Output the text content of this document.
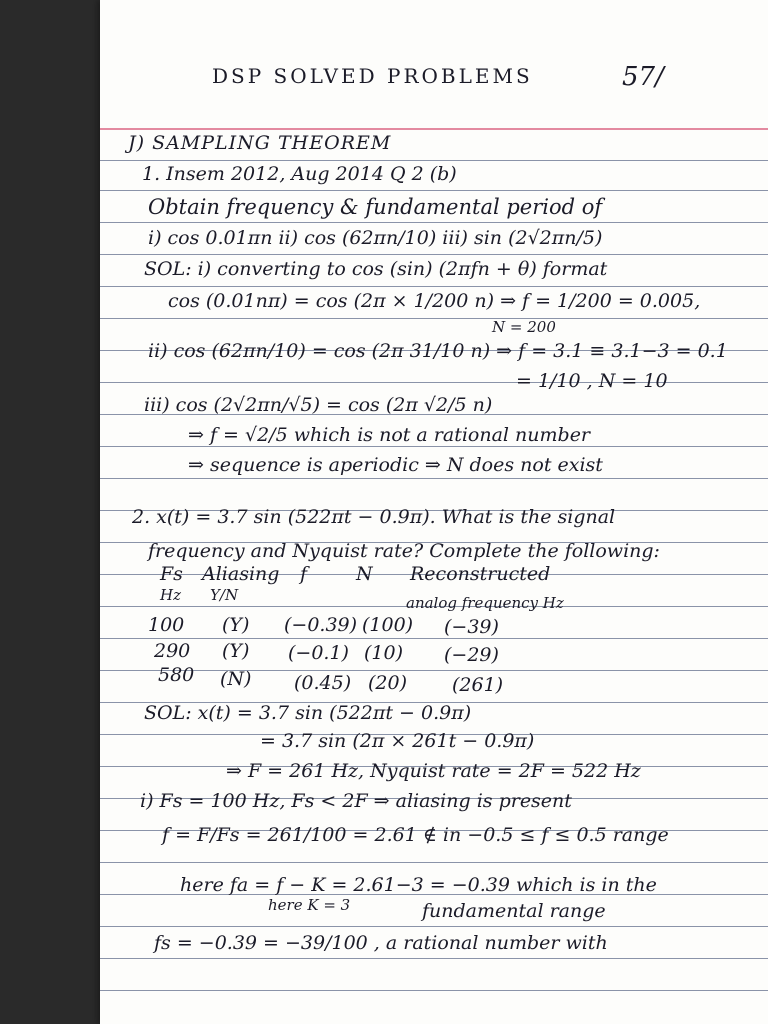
DSP SOLVED PROBLEMS	57/
J) SAMPLING THEOREM
1. Insem 2012, Aug 2014 Q 2 (b)
Obtain frequency & fundamental period of
i) cos 0.01πn ii) cos (62πn/10) iii) sin (2√2πn/5)
SOL: i) converting to cos (sin) (2πfn + θ) format
cos (0.01nπ) = cos (2π × 1/200 n) ⇒ f = 1/200 = 0.005,
N = 200
ii) cos (62πn/10) = cos (2π 31/10 n) ⇒ f = 3.1 ≡ 3.1−3 = 0.1
= 1/10 , N = 10
iii) cos (2√2πn/√5) = cos (2π √2/5 n)
⇒ f = √2/5 which is not a rational number
⇒ sequence is aperiodic ⇒ N does not exist
2. x(t) = 3.7 sin (522πt − 0.9π). What is the signal
frequency and Nyquist rate? Complete the following:
Fs Aliasing f	N Reconstructed
Hz Y/N	analog frequency Hz
100 (Y) (−0.39) (100) (−39)
290 (Y) (−0.1) (10) (−29)
580 (N) (0.45) (20) (261)
SOL: x(t) = 3.7 sin (522πt − 0.9π)
= 3.7 sin (2π × 261t − 0.9π)
⇒ F = 261 Hz, Nyquist rate = 2F = 522 Hz
i) Fs = 100 Hz, Fs < 2F ⇒ aliasing is present
f = F/Fs = 261/100 = 2.61 ∉ in −0.5 ≤ f ≤ 0.5 range
here fa = f − K = 2.61−3 = −0.39 which is in the
here K = 3	fundamental range
fs = −0.39 = −39/100 , a rational number with
